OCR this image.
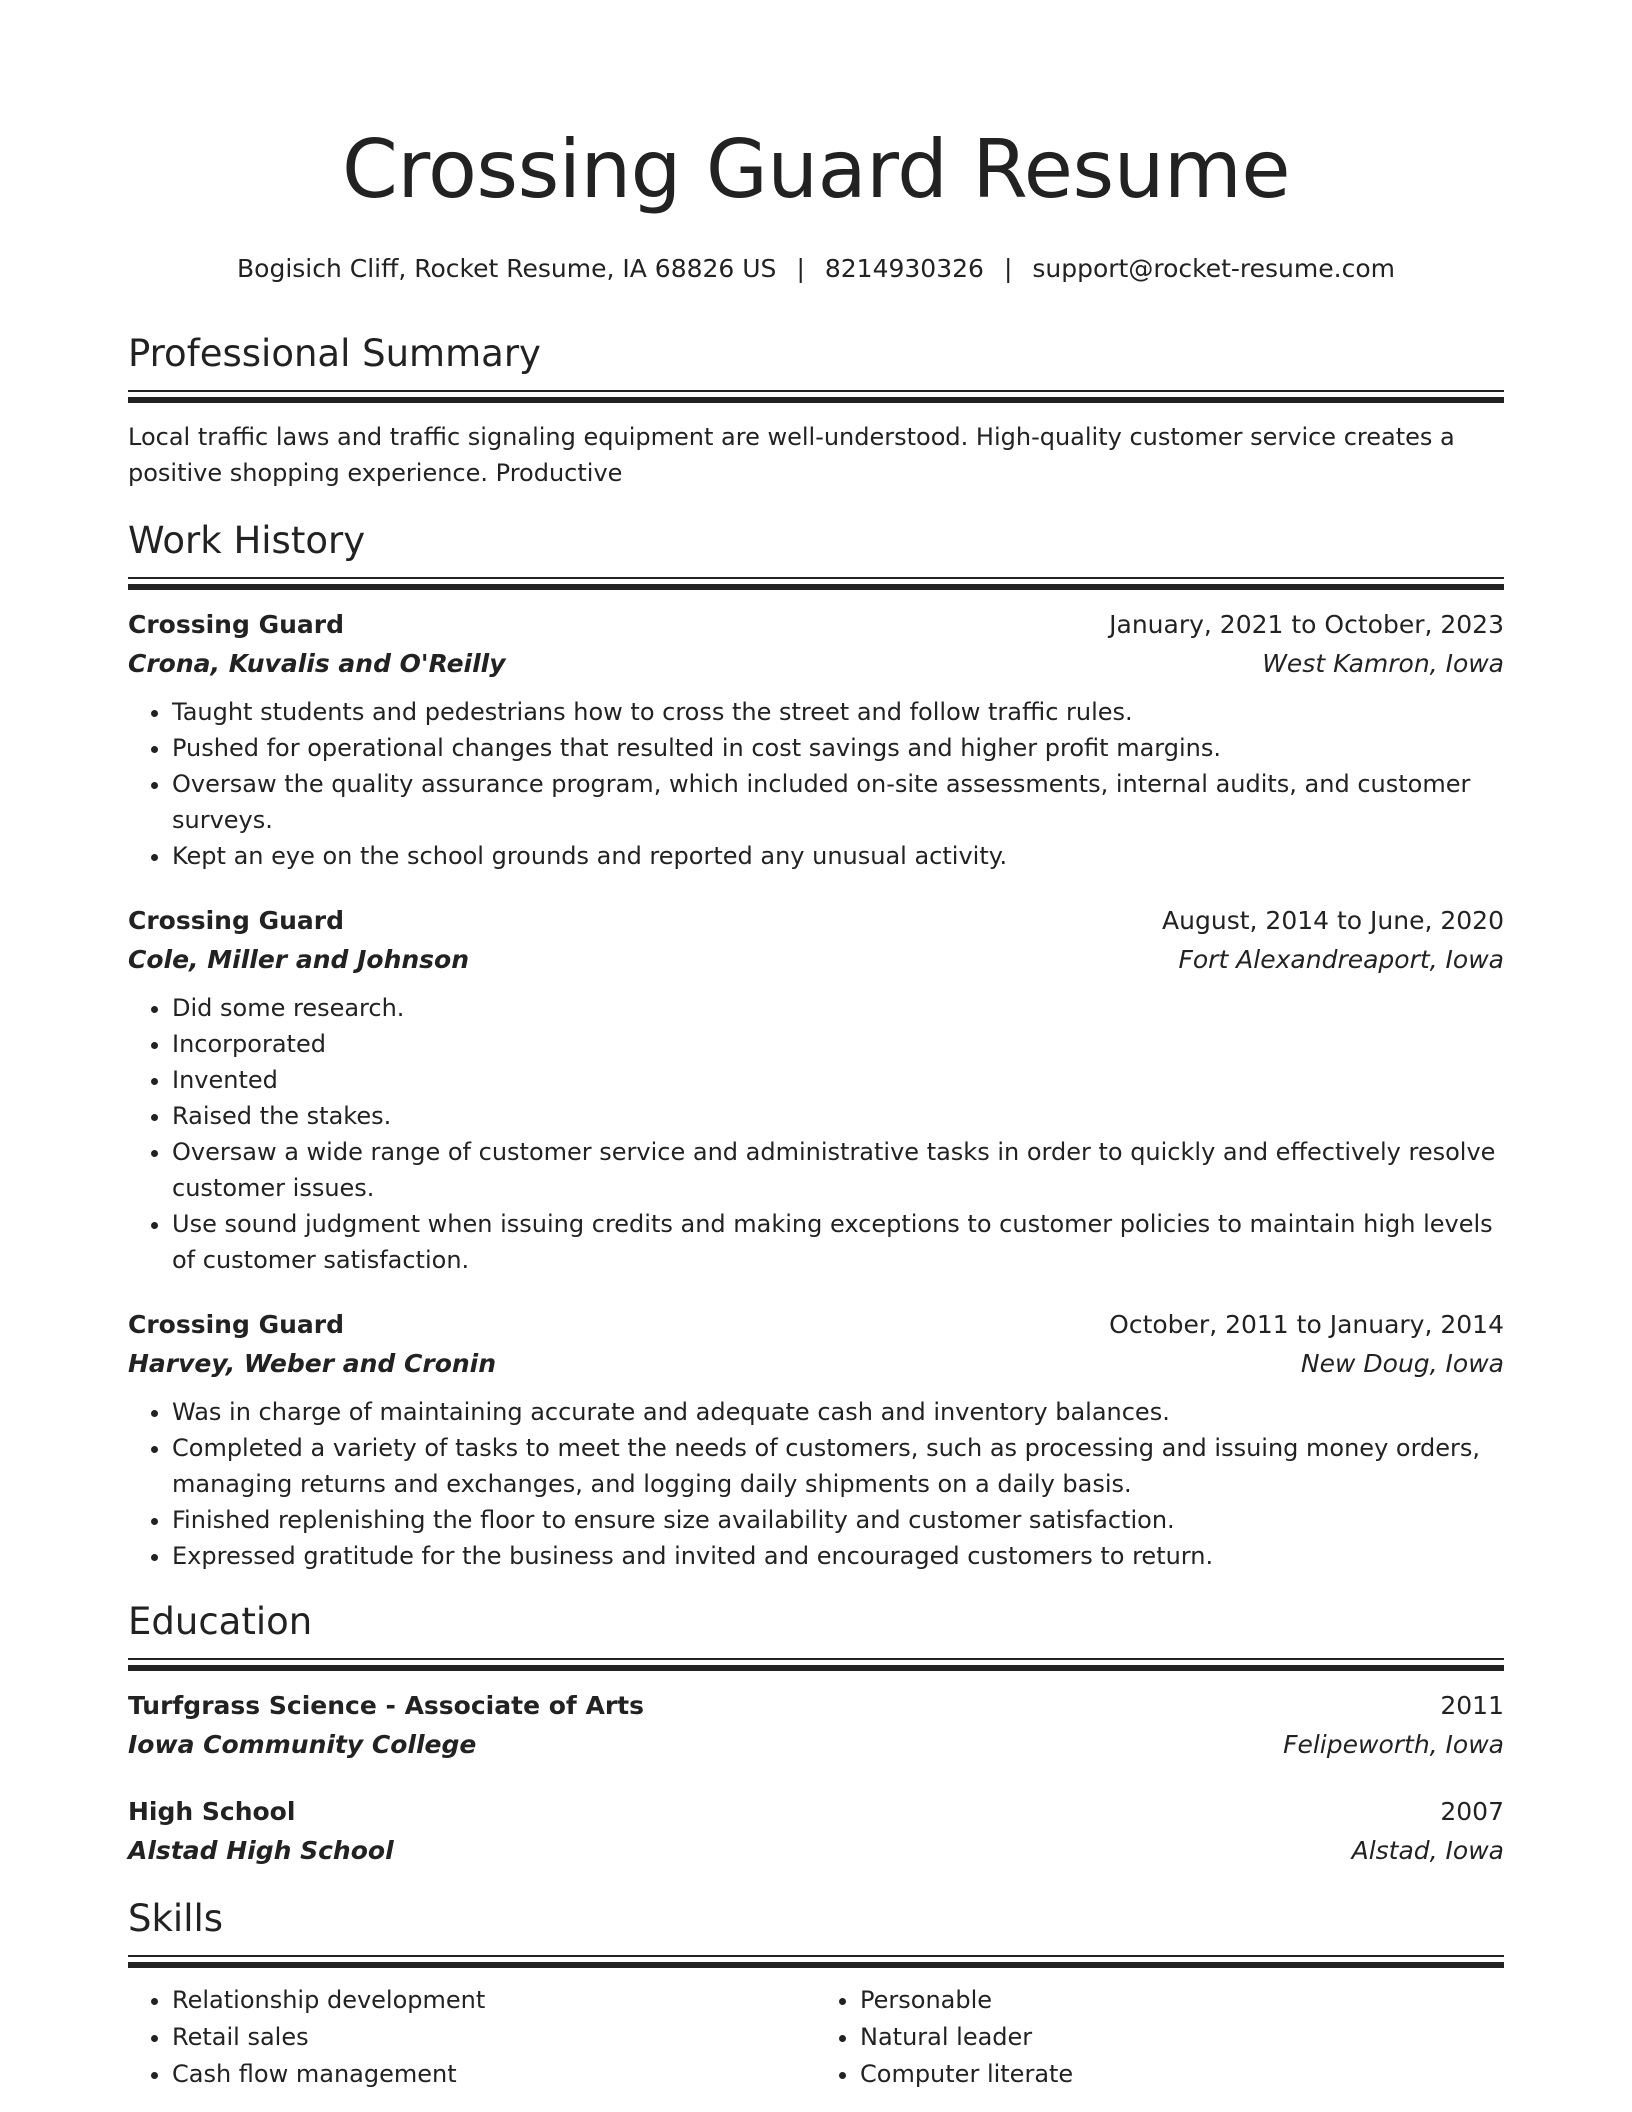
Crossing Guard Resume
Bogisich Cliff, Rocket Resume, IA 68826 US | 8214930326 | support@rocket-resume.com
Professional Summary
Local traffic laws and traffic signaling equipment are well-understood. High-quality customer service creates a positive shopping experience. Productive
Work History
Crossing Guard	January, 2021 to October, 2023
Crona, Kuvalis and O'Reilly	West Kamron, Iowa
• Taught students and pedestrians how to cross the street and follow traffic rules.
• Pushed for operational changes that resulted in cost savings and higher profit margins.
• Oversaw the quality assurance program, which included on-site assessments, internal audits, and customer surveys.
• Kept an eye on the school grounds and reported any unusual activity.
Crossing Guard	August, 2014 to June, 2020
Cole, Miller and Johnson	Fort Alexandreaport, Iowa
• Did some research.
• Incorporated
• Invented
• Raised the stakes.
• Oversaw a wide range of customer service and administrative tasks in order to quickly and effectively resolve customer issues.
• Use sound judgment when issuing credits and making exceptions to customer policies to maintain high levels of customer satisfaction.
Crossing Guard	October, 2011 to January, 2014
Harvey, Weber and Cronin	New Doug, Iowa
• Was in charge of maintaining accurate and adequate cash and inventory balances.
• Completed a variety of tasks to meet the needs of customers, such as processing and issuing money orders, managing returns and exchanges, and logging daily shipments on a daily basis.
• Finished replenishing the floor to ensure size availability and customer satisfaction.
• Expressed gratitude for the business and invited and encouraged customers to return.
Education
Turfgrass Science - Associate of Arts	2011
Iowa Community College	Felipeworth, Iowa
High School	2007
Alstad High School	Alstad, Iowa
Skills
• Relationship development
• Retail sales
• Cash flow management
• Personable
• Natural leader
• Computer literate
